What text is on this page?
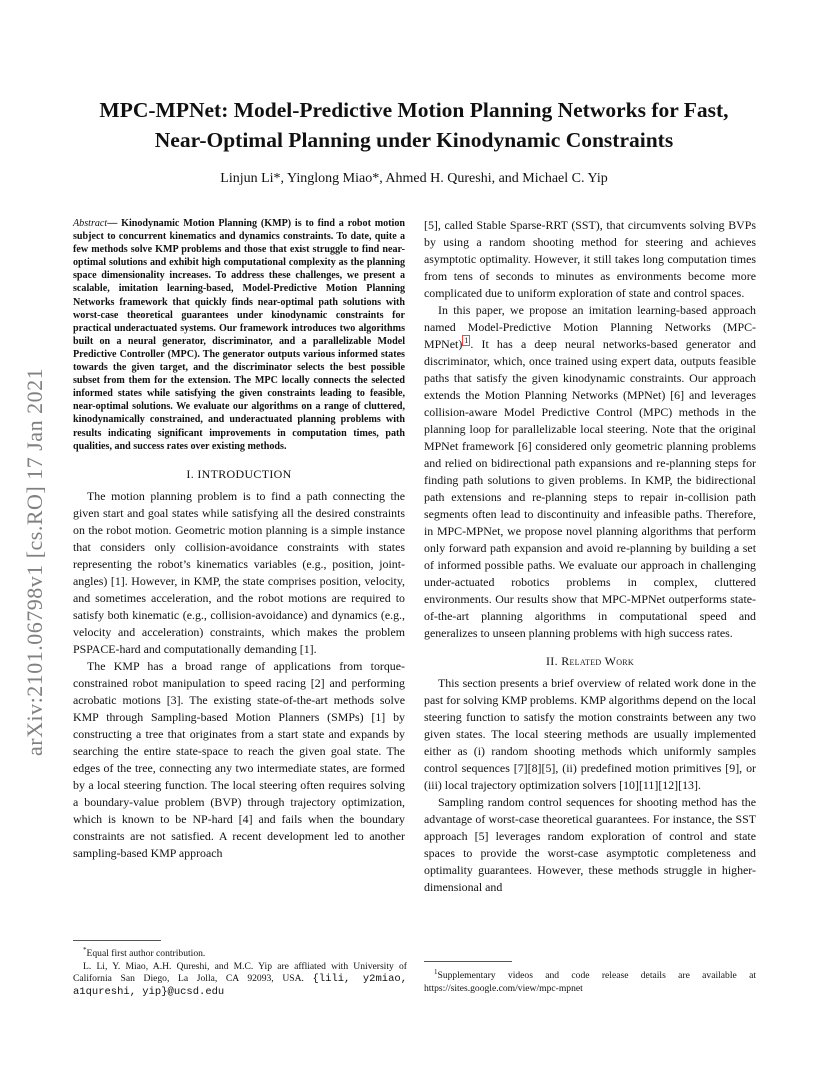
arXiv:2101.06798v1 [cs.RO] 17 Jan 2021
MPC-MPNet: Model-Predictive Motion Planning Networks for Fast,
Near-Optimal Planning under Kinodynamic Constraints
Linjun Li*, Yinglong Miao*, Ahmed H. Qureshi, and Michael C. Yip

Abstract— Kinodynamic Motion Planning (KMP) is to find a robot motion subject to concurrent kinematics and dynamics constraints. To date, quite a few methods solve KMP problems and those that exist struggle to find near-optimal solutions and exhibit high computational complexity as the planning space dimensionality increases. To address these challenges, we present a scalable, imitation learning-based, Model-Predictive Motion Planning Networks framework that quickly finds near-optimal path solutions with worst-case theoretical guarantees under kinodynamic constraints for practical underactuated systems. Our framework introduces two algorithms built on a neural generator, discriminator, and a parallelizable Model Predictive Controller (MPC). The generator outputs various informed states towards the given target, and the discriminator selects the best possible subset from them for the extension. The MPC locally connects the selected informed states while satisfying the given constraints leading to feasible, near-optimal solutions. We evaluate our algorithms on a range of cluttered, kinodynamically constrained, and underactuated planning problems with results indicating significant improvements in computation times, path qualities, and success rates over existing methods.

I. INTRODUCTION

The motion planning problem is to find a path connecting the given start and goal states while satisfying all the desired constraints on the robot motion. Geometric motion planning is a simple instance that considers only collision-avoidance constraints with states representing the robot’s kinematics variables (e.g., position, joint-angles) [1]. However, in KMP, the state comprises position, velocity, and sometimes acceleration, and the robot motions are required to satisfy both kinematic (e.g., collision-avoidance) and dynamics (e.g., velocity and acceleration) constraints, which makes the problem PSPACE-hard and computationally demanding [1].

The KMP has a broad range of applications from torque-constrained robot manipulation to speed racing [2] and performing acrobatic motions [3]. The existing state-of-the-art methods solve KMP through Sampling-based Motion Planners (SMPs) [1] by constructing a tree that originates from a start state and expands by searching the entire state-space to reach the given goal state. The edges of the tree, connecting any two intermediate states, are formed by a local steering function. The local steering often requires solving a boundary-value problem (BVP) through trajectory optimization, which is known to be NP-hard [4] and fails when the boundary constraints are not satisfied. A recent development led to another sampling-based KMP approach

[5], called Stable Sparse-RRT (SST), that circumvents solving BVPs by using a random shooting method for steering and achieves asymptotic optimality. However, it still takes long computation times from tens of seconds to minutes as environments become more complicated due to uniform exploration of state and control spaces.

In this paper, we propose an imitation learning-based approach named Model-Predictive Motion Planning Networks (MPC-MPNet) $^1$ . It has a deep neural networks-based generator and discriminator, which, once trained using expert data, outputs feasible paths that satisfy the given kinodynamic constraints. Our approach extends the Motion Planning Networks (MPNet) [6] and leverages collision-aware Model Predictive Control (MPC) methods in the planning loop for parallelizable local steering. Note that the original MPNet framework [6] considered only geometric planning problems and relied on bidirectional path expansions and re-planning steps for finding path solutions to given problems. In KMP, the bidirectional path extensions and re-planning steps to repair in-collision path segments often lead to discontinuity and infeasible paths. Therefore, in MPC-MPNet, we propose novel planning algorithms that perform only forward path expansion and avoid re-planning by building a set of informed possible paths. We evaluate our approach in challenging under-actuated robotics problems in complex, cluttered environments. Our results show that MPC-MPNet outperforms state-of-the-art planning algorithms in computational speed and generalizes to unseen planning problems with high success rates.

II. Related Work

This section presents a brief overview of related work done in the past for solving KMP problems. KMP algorithms depend on the local steering function to satisfy the motion constraints between any two given states. The local steering methods are usually implemented either as (i) random shooting methods which uniformly samples control sequences [7][8][5], (ii) predefined motion primitives [9], or (iii) local trajectory optimization solvers [10][11][12][13].

Sampling random control sequences for shooting method has the advantage of worst-case theoretical guarantees. For instance, the SST approach [5] leverages random exploration of control and state spaces to provide the worst-case asymptotic completeness and optimality guarantees. However, these methods struggle in higher-dimensional and

*Equal first author contribution.
L. Li, Y. Miao, A.H. Qureshi, and M.C. Yip are affliated with University of California San Diego, La Jolla, CA 92093, USA. {lili, y2miao, a1qureshi, yip}@ucsd.edu
$^1$Supplementary videos and code release details are available at https://sites.google.com/view/mpc-mpnet
